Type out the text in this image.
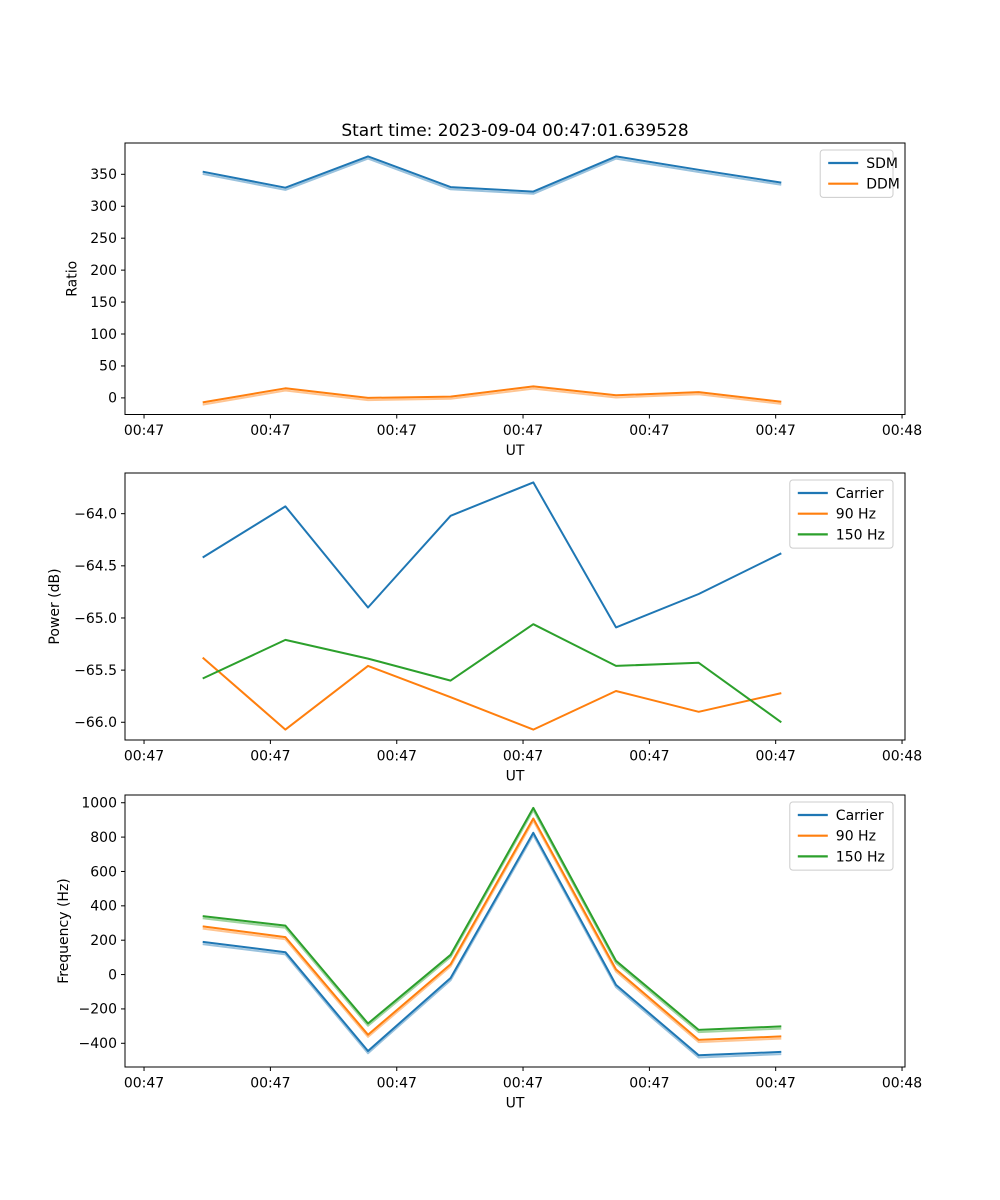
Start time: 2023-09-04 00:47:01.639528
00:47	00:47	00:47	00:47	00:47	00:47	00:48
0
50
100
150
200
250
300
350
UT
Ratio
SDM
DDM
00:47	00:47	00:47	00:47	00:47	00:47	00:48
−64.0
−64.5
−65.0
−65.5
−66.0
UT
Power (dB)
Carrier
90 Hz
150 Hz
00:47	00:47	00:47	00:47	00:47	00:47	00:48
1000
800
600
400
200
0
−200
−400
UT
Frequency (Hz)
Carrier
90 Hz
150 Hz
